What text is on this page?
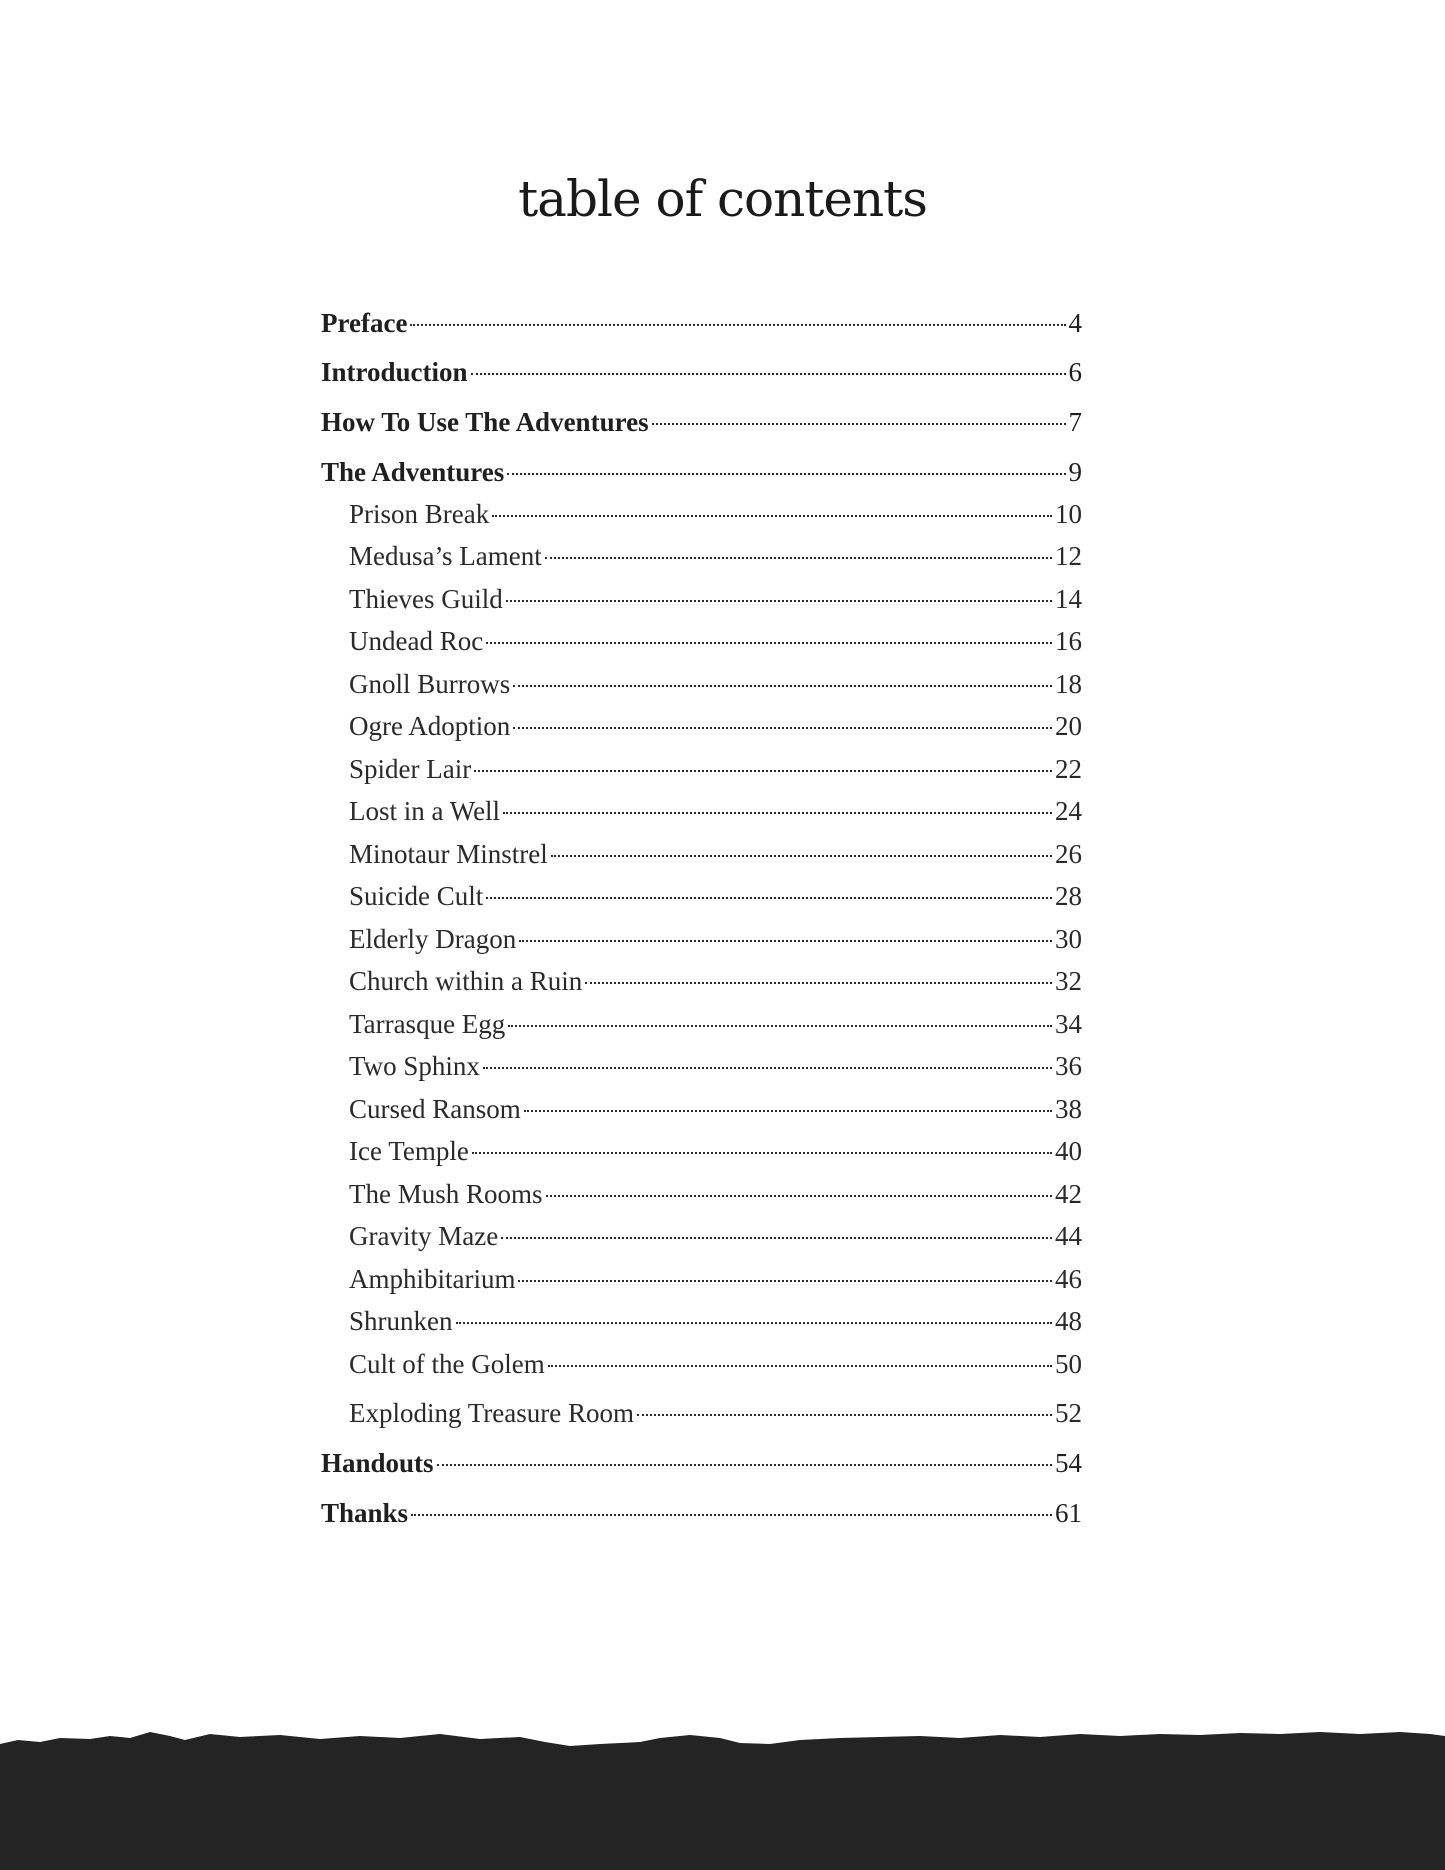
table of contents
Preface	4
Introduction	6
How To Use The Adventures	7
The Adventures	9
Prison Break	10
Medusa’s Lament	12
Thieves Guild	14
Undead Roc	16
Gnoll Burrows	18
Ogre Adoption	20
Spider Lair	22
Lost in a Well	24
Minotaur Minstrel	26
Suicide Cult	28
Elderly Dragon	30
Church within a Ruin	32
Tarrasque Egg	34
Two Sphinx	36
Cursed Ransom	38
Ice Temple	40
The Mush Rooms	42
Gravity Maze	44
Amphibitarium	46
Shrunken	48
Cult of the Golem	50
Exploding Treasure Room	52
Handouts	54
Thanks	61
